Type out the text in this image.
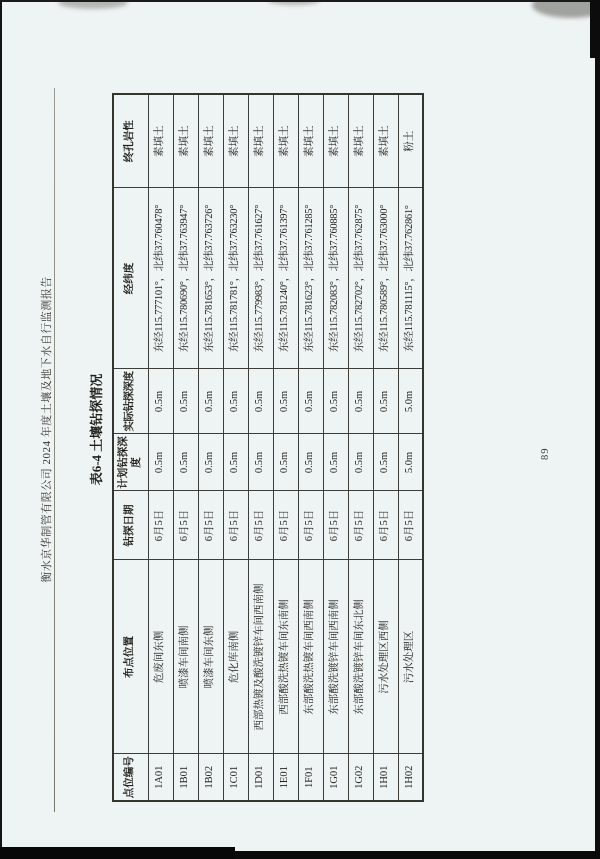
衡水京华制管有限公司 2024 年度土壤及地下水自行监测报告	表6-4 土壤钻探情况
点位编号	布点位置	钻探日期	计划钻探深度	实际钻探深度	经纬度	终孔岩性
1A01	危废间东侧	6月5日	0.5m	0.5m	东经115.777101°，北纬37.760478°	素填土
1B01	喷漆车间南侧	6月5日	0.5m	0.5m	东经115.780690°，北纬37.763947°	素填土
1B02	喷漆车间东侧	6月5日	0.5m	0.5m	东经115.781653°，北纬37.763726°	素填土
1C01	危化库南侧	6月5日	0.5m	0.5m	东经115.781781°，北纬37.763230°	素填土
1D01	西部热镀及酸洗镀锌车间西南侧	6月5日	0.5m	0.5m	东经115.779983°，北纬37.761627°	素填土
1E01	西部酸洗热镀车间东南侧	6月5日	0.5m	0.5m	东经115.781240°，北纬37.761397°	素填土
1F01	东部酸洗热镀车间西南侧	6月5日	0.5m	0.5m	东经115.781623°，北纬37.761285°	素填土
1G01	东部酸洗镀锌车间西南侧	6月5日	0.5m	0.5m	东经115.782083°，北纬37.760885°	素填土
1G02	东部酸洗镀锌车间东北侧	6月5日	0.5m	0.5m	东经115.782702°，北纬37.762875°	素填土
1H01	污水处理区西侧	6月5日	0.5m	0.5m	东经115.780589°，北纬37.763000°	素填土
1H02	污水处理区	6月5日	5.0m	5.0m	东经115.781115°，北纬37.762861°	粉土
89
